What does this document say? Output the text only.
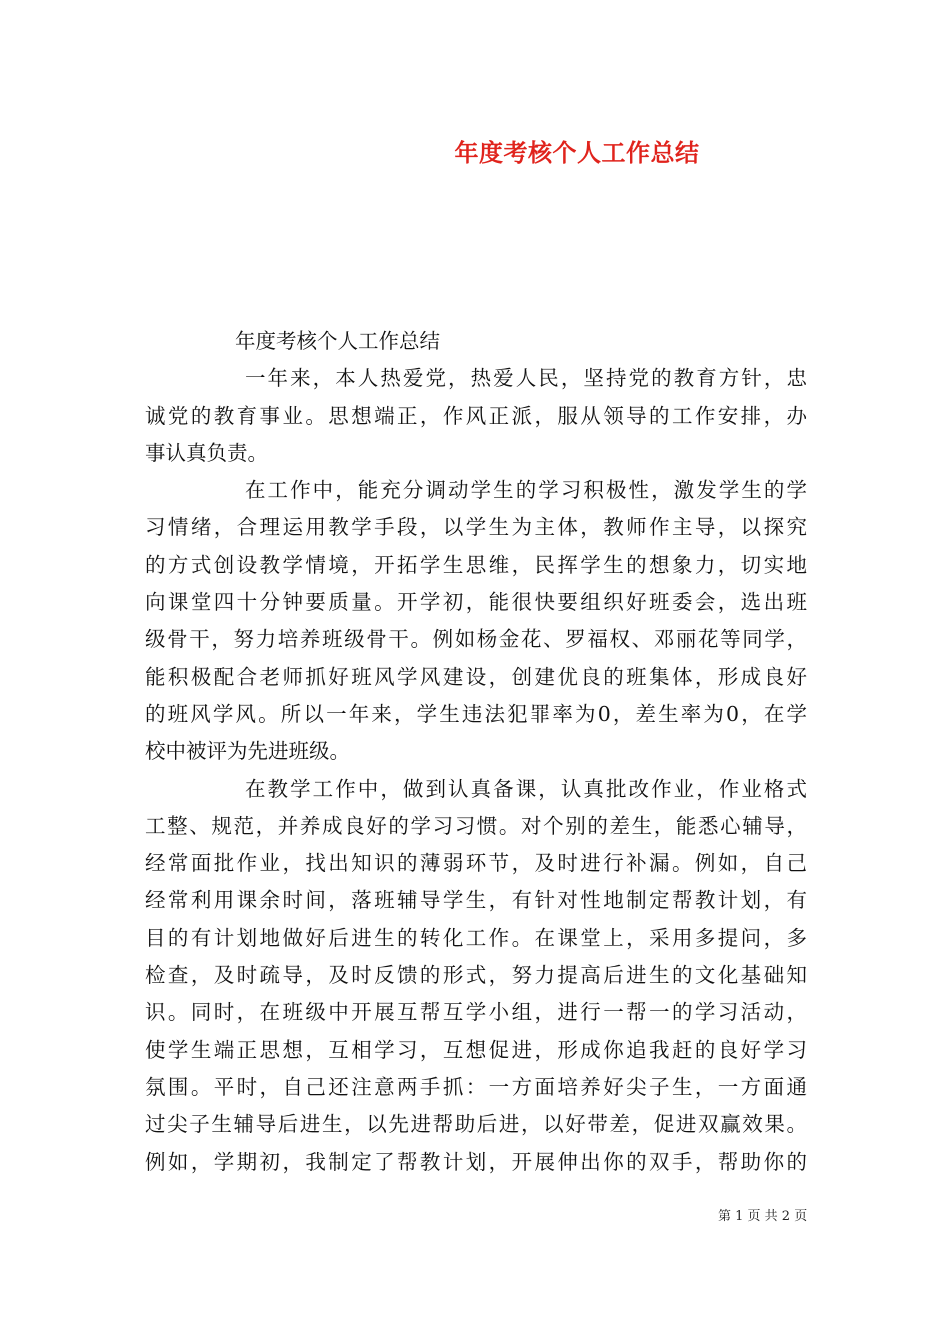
年度考核个人工作总结
年度考核个人工作总结
一年来，本人热爱党，热爱人民，坚持党的教育方针，忠
诚党的教育事业。思想端正，作风正派，服从领导的工作安排，办
事认真负责。
在工作中，能充分调动学生的学习积极性，激发学生的学
习情绪，合理运用教学手段，以学生为主体，教师作主导，以探究
的方式创设教学情境，开拓学生思维，民挥学生的想象力，切实地
向课堂四十分钟要质量。开学初，能很快要组织好班委会，选出班
级骨干，努力培养班级骨干。例如杨金花、罗福权、邓丽花等同学，
能积极配合老师抓好班风学风建设，创建优良的班集体，形成良好
的班风学风。所以一年来，学生违法犯罪率为0，差生率为0，在学
校中被评为先进班级。
在教学工作中，做到认真备课，认真批改作业，作业格式
工整、规范，并养成良好的学习习惯。对个别的差生，能悉心辅导，
经常面批作业，找出知识的薄弱环节，及时进行补漏。例如，自己
经常利用课余时间，落班辅导学生，有针对性地制定帮教计划，有
目的有计划地做好后进生的转化工作。在课堂上，采用多提问，多
检查，及时疏导，及时反馈的形式，努力提高后进生的文化基础知
识。同时，在班级中开展互帮互学小组，进行一帮一的学习活动，
使学生端正思想，互相学习，互想促进，形成你追我赶的良好学习
氛围。平时，自己还注意两手抓：一方面培养好尖子生，一方面通
过尖子生辅导后进生，以先进帮助后进，以好带差，促进双赢效果。
例如，学期初，我制定了帮教计划，开展伸出你的双手，帮助你的
第 1 页 共 2 页
